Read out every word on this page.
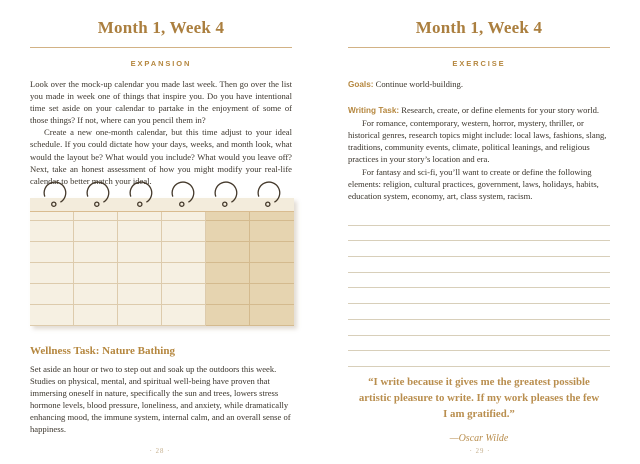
Month 1, Week 4
EXPANSION

Look over the mock-up calendar you made last week. Then go over the list you made in week one of things that inspire you. Do you have intentional time set aside on your calendar to partake in the enjoyment of some of those things? If not, where can you pencil them in?

Create a new one-month calendar, but this time adjust to your ideal schedule. If you could dictate how your days, weeks, and month look, what would the layout be? What would you include? What would you leave off? Next, take an honest assessment of how you might modify your real-life calendar to better match your ideal.

Wellness Task: Nature Bathing

Set aside an hour or two to step out and soak up the outdoors this week. Studies on physical, mental, and spiritual well-being have proven that immersing oneself in nature, specifically the sun and trees, lowers stress hormone levels, blood pressure, loneliness, and anxiety, while dramatically enhancing mood, the immune system, internal calm, and an overall sense of happiness.

· 28 ·
Month 1, Week 4
EXERCISE

Goals: Continue world-building.

Writing Task: Research, create, or define elements for your story world.

For romance, contemporary, western, horror, mystery, thriller, or historical genres, research topics might include: local laws, fashions, slang, traditions, community events, climate, political leanings, and religious practices in your story’s location and era.

For fantasy and sci-fi, you’ll want to create or define the following elements: religion, cultural practices, government, laws, holidays, habits, education system, economy, art, class system, racism.

“I write because it gives me the greatest possible artistic pleasure to write. If my work pleases the few I am gratified.”

—Oscar Wilde
· 29 ·
